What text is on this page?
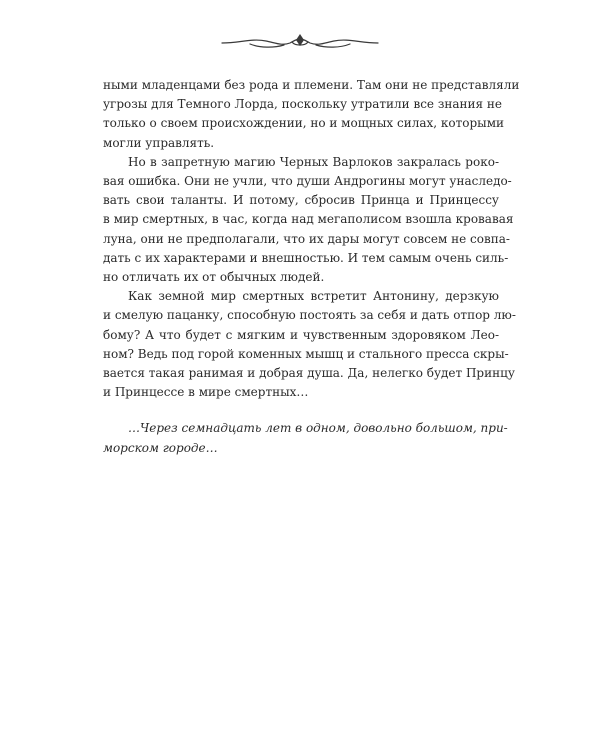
ными младенцами без рода и племени. Там они не представляли
угрозы для Темного Лорда, поскольку утратили все знания не
только о своем происхождении, но и мощных силах, которыми
могли управлять.
Но в запретную магию Черных Варлоков закралась роко-
вая ошибка. Они не учли, что души Андрогины могут унаследо-
вать свои таланты. И потому, сбросив Принца и Принцессу
в мир смертных, в час, когда над мегаполисом взошла кровавая
луна, они не предполагали, что их дары могут совсем не совпа-
дать с их характерами и внешностью. И тем самым очень силь-
но отличать их от обычных людей.
Как земной мир смертных встретит Антонину, дерзкую
и смелую пацанку, способную постоять за себя и дать отпор лю-
бому? А что будет с мягким и чувственным здоровяком Лео-
ном? Ведь под горой коменных мышц и стального пресса скры-
вается такая ранимая и добрая душа. Да, нелегко будет Принцу
и Принцессе в мире смертных…
…Через семнадцать лет в одном, довольно большом, при-
морском городе…
